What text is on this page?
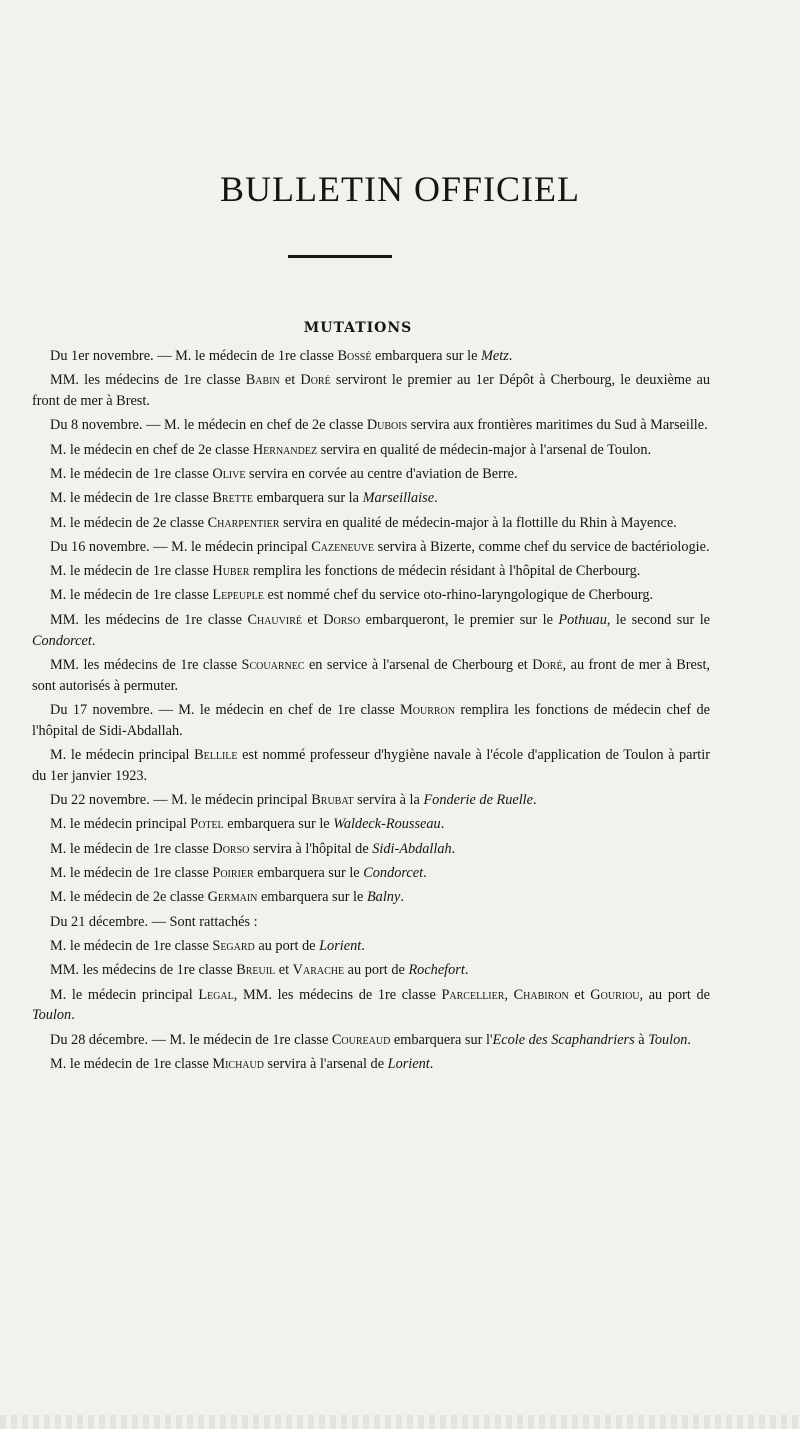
BULLETIN OFFICIEL
MUTATIONS

Du 1er novembre. — M. le médecin de 1re classe Bossé embarquera sur le Metz.

MM. les médecins de 1re classe Babin et Doré serviront le premier au 1er Dépôt à Cherbourg, le deuxième au front de mer à Brest.

Du 8 novembre. — M. le médecin en chef de 2e classe Dubois servira aux frontières maritimes du Sud à Marseille.

M. le médecin en chef de 2e classe Hernandez servira en qualité de médecin-major à l'arsenal de Toulon.

M. le médecin de 1re classe Olive servira en corvée au centre d'aviation de Berre.

M. le médecin de 1re classe Brette embarquera sur la Marseillaise.

M. le médecin de 2e classe Charpentier servira en qualité de médecin-major à la flottille du Rhin à Mayence.

Du 16 novembre. — M. le médecin principal Cazeneuve servira à Bizerte, comme chef du service de bactériologie.

M. le médecin de 1re classe Huber remplira les fonctions de médecin résidant à l'hôpital de Cherbourg.

M. le médecin de 1re classe Lepeuple est nommé chef du service oto-rhino-laryngologique de Cherbourg.

MM. les médecins de 1re classe Chauviré et Dorso embarqueront, le premier sur le Pothuau, le second sur le Condorcet.

MM. les médecins de 1re classe Scouarnec en service à l'arsenal de Cherbourg et Doré, au front de mer à Brest, sont autorisés à permuter.

Du 17 novembre. — M. le médecin en chef de 1re classe Mourron remplira les fonctions de médecin chef de l'hôpital de Sidi-Abdallah.

M. le médecin principal Bellile est nommé professeur d'hygiène navale à l'école d'application de Toulon à partir du 1er janvier 1923.

Du 22 novembre. — M. le médecin principal Brubat servira à la Fonderie de Ruelle.

M. le médecin principal Potel embarquera sur le Waldeck-Rousseau.

M. le médecin de 1re classe Dorso servira à l'hôpital de Sidi-Abdallah.

M. le médecin de 1re classe Poirier embarquera sur le Condorcet.

M. le médecin de 2e classe Germain embarquera sur le Balny.

Du 21 décembre. — Sont rattachés :

M. le médecin de 1re classe Segard au port de Lorient.

MM. les médecins de 1re classe Breuil et Varache au port de Rochefort.

M. le médecin principal Legal, MM. les médecins de 1re classe Parcellier, Chabiron et Gouriou, au port de Toulon.

Du 28 décembre. — M. le médecin de 1re classe Coureaud embarquera sur l'Ecole des Scaphandriers à Toulon.

M. le médecin de 1re classe Michaud servira à l'arsenal de Lorient.
